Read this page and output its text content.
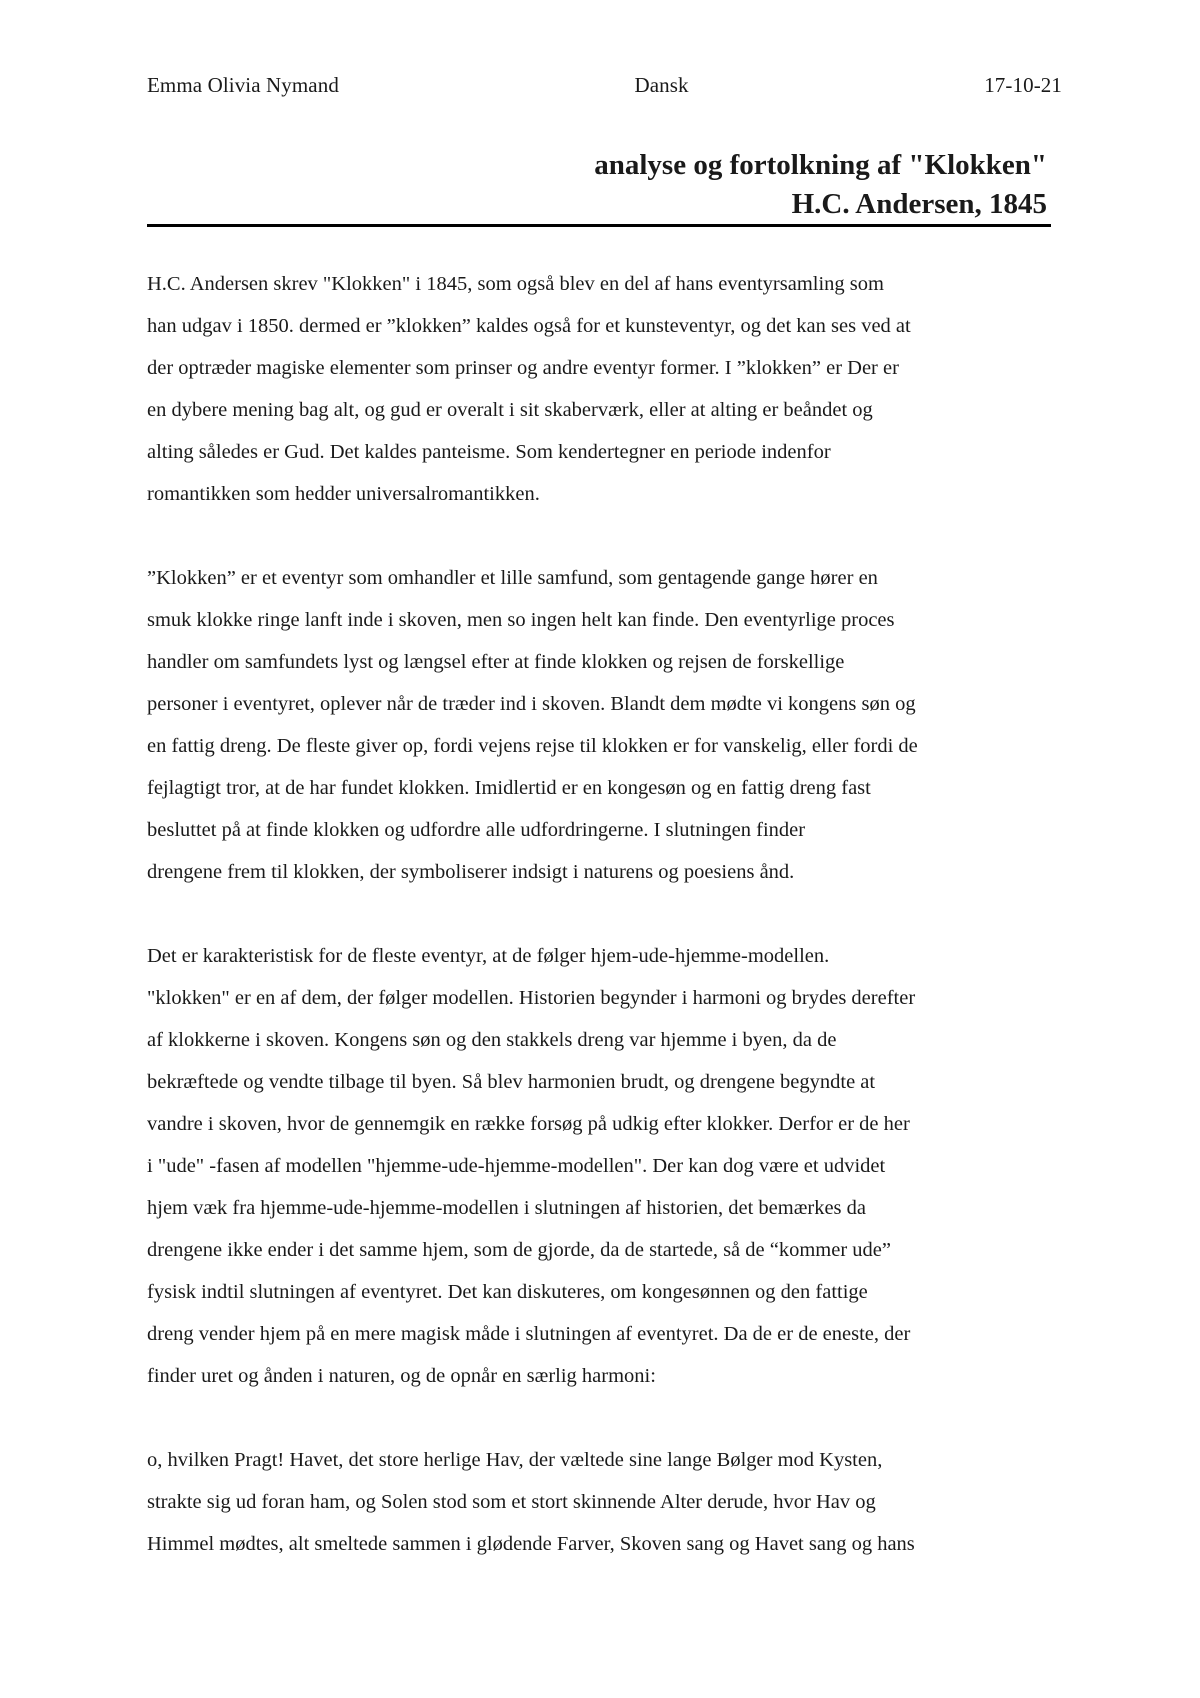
Emma Olivia Nymand	Dansk	17-10-21
analyse og fortolkning af "Klokken"
H.C. Andersen, 1845
H.C. Andersen skrev "Klokken" i 1845, som også blev en del af hans eventyrsamling som
han udgav i 1850. dermed er ”klokken” kaldes også for et kunsteventyr, og det kan ses ved at
der optræder magiske elementer som prinser og andre eventyr former. I ”klokken” er Der er
en dybere mening bag alt, og gud er overalt i sit skaberværk, eller at alting er beåndet og
alting således er Gud. Det kaldes panteisme. Som kendertegner en periode indenfor
romantikken som hedder universalromantikken.
”Klokken” er et eventyr som omhandler et lille samfund, som gentagende gange hører en
smuk klokke ringe lanft inde i skoven, men so ingen helt kan finde. Den eventyrlige proces
handler om samfundets lyst og længsel efter at finde klokken og rejsen de forskellige
personer i eventyret, oplever når de træder ind i skoven. Blandt dem mødte vi kongens søn og
en fattig dreng. De fleste giver op, fordi vejens rejse til klokken er for vanskelig, eller fordi de
fejlagtigt tror, at de har fundet klokken. Imidlertid er en kongesøn og en fattig dreng fast
besluttet på at finde klokken og udfordre alle udfordringerne. I slutningen finder
drengene frem til klokken, der symboliserer indsigt i naturens og poesiens ånd.
Det er karakteristisk for de fleste eventyr, at de følger hjem-ude-hjemme-modellen.
"klokken" er en af dem, der følger modellen. Historien begynder i harmoni og brydes derefter
af klokkerne i skoven. Kongens søn og den stakkels dreng var hjemme i byen, da de
bekræftede og vendte tilbage til byen. Så blev harmonien brudt, og drengene begyndte at
vandre i skoven, hvor de gennemgik en række forsøg på udkig efter klokker. Derfor er de her
i "ude" -fasen af modellen "hjemme-ude-hjemme-modellen". Der kan dog være et udvidet
hjem væk fra hjemme-ude-hjemme-modellen i slutningen af historien, det bemærkes da
drengene ikke ender i det samme hjem, som de gjorde, da de startede, så de “kommer ude”
fysisk indtil slutningen af eventyret. Det kan diskuteres, om kongesønnen og den fattige
dreng vender hjem på en mere magisk måde i slutningen af eventyret. Da de er de eneste, der
finder uret og ånden i naturen, og de opnår en særlig harmoni:
o, hvilken Pragt! Havet, det store herlige Hav, der væltede sine lange Bølger mod Kysten,
strakte sig ud foran ham, og Solen stod som et stort skinnende Alter derude, hvor Hav og
Himmel mødtes, alt smeltede sammen i glødende Farver, Skoven sang og Havet sang og hans
